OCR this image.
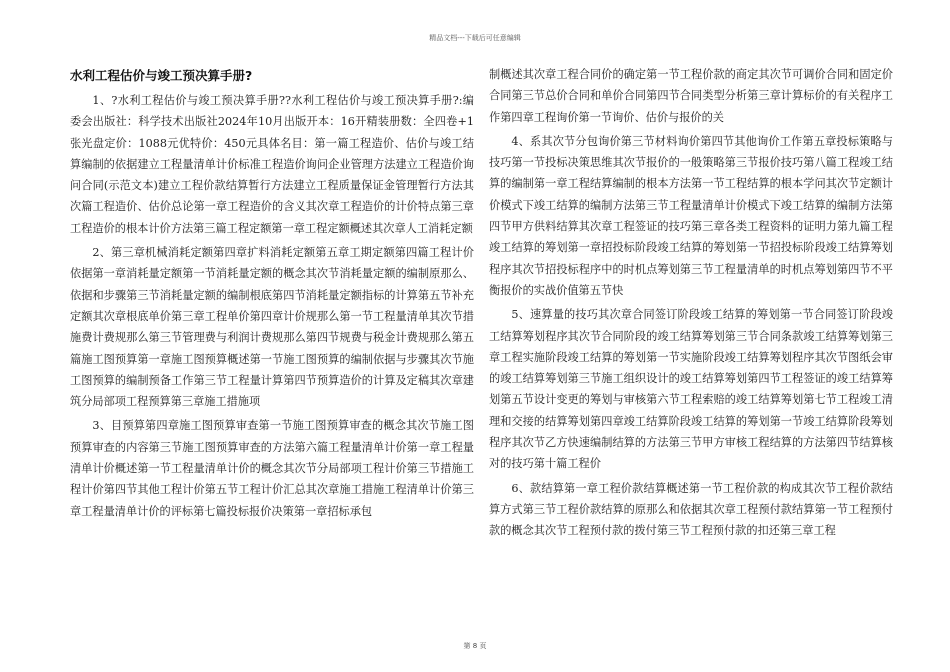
精品文档---下载后可任意编辑
水利工程估价与竣工预决算手册?

1、?水利工程估价与竣工预决算手册??水利工程估价与竣工预决算手册?:编委会出版社：科学技术出版社2024年10月出版开本：16开精装册数：全四卷+1张光盘定价：1088元优特价：450元具体名目：第一篇工程造价、估价与竣工结算编制的依据建立工程量清单计价标准工程造价询问企业管理方法建立工程造价询问合同(示范文本)建立工程价款结算暂行方法建立工程质量保证金管理暂行方法其次篇工程造价、估价总论第一章工程造价的含义其次章工程造价的计价特点第三章工程造价的根本计价方法第三篇工程定额第一章工程定额概述其次章人工消耗定额

2、第三章机械消耗定额第四章扩料消耗定额第五章工期定额第四篇工程计价依据第一章消耗量定额第一节消耗量定额的概念其次节消耗量定额的编制原那么、依据和步骤第三节消耗量定额的编制根底第四节消耗量定额指标的计算第五节补充定额其次章根底单价第三章工程单价第四章计价规那么第一节工程量清单其次节措施费计费规那么第三节管理费与利润计费规那么第四节规费与税金计费规那么第五篇施工图预算第一章施工图预算概述第一节施工图预算的编制依据与步骤其次节施工图预算的编制预备工作第三节工程量计算第四节预算造价的计算及定稿其次章建筑分局部项工程预算第三章施工措施项

3、目预算第四章施工图预算审查第一节施工图预算审查的概念其次节施工图预算审查的内容第三节施工图预算审查的方法第六篇工程量清单计价第一章工程量清单计价概述第一节工程量清单计价的概念其次节分局部项工程计价第三节措施工程计价第四节其他工程计价第五节工程计价汇总其次章施工措施工程清单计价第三章工程量清单计价的评标第七篇投标报价决策第一章招标承包

制概述其次章工程合同价的确定第一节工程价款的商定其次节可调价合同和固定价合同第三节总价合同和单价合同第四节合同类型分析第三章计算标价的有关程序工作第四章工程询价第一节询价、估价与报价的关

4、系其次节分包询价第三节材料询价第四节其他询价工作第五章投标策略与技巧第一节投标决策思维其次节报价的一般策略第三节报价技巧第八篇工程竣工结算的编制第一章工程结算编制的根本方法第一节工程结算的根本学问其次节定额计价模式下竣工结算的编制方法第三节工程量清单计价模式下竣工结算的编制方法第四节甲方供料结算其次章工程签证的技巧第三章各类工程资料的证明力第九篇工程竣工结算的筹划第一章招投标阶段竣工结算的筹划第一节招投标阶段竣工结算筹划程序其次节招投标程序中的时机点筹划第三节工程量清单的时机点筹划第四节不平衡报价的实战价值第五节快

5、速算量的技巧其次章合同签订阶段竣工结算的筹划第一节合同签订阶段竣工结算筹划程序其次节合同阶段的竣工结算筹划第三节合同条款竣工结算筹划第三章工程实施阶段竣工结算的筹划第一节实施阶段竣工结算筹划程序其次节图纸会审的竣工结算筹划第三节施工组织设计的竣工结算筹划第四节工程签证的竣工结算筹划第五节设计变更的筹划与审核第六节工程索赔的竣工结算筹划第七节工程竣工清理和交接的结算筹划第四章竣工结算阶段竣工结算的筹划第一节竣工结算阶段筹划程序其次节乙方快速编制结算的方法第三节甲方审核工程结算的方法第四节结算核对的技巧第十篇工程价

6、款结算第一章工程价款结算概述第一节工程价款的构成其次节工程价款结算方式第三节工程价款结算的原那么和依据其次章工程预付款结算第一节工程预付款的概念其次节工程预付款的拨付第三节工程预付款的扣还第三章工程

第 8 页
